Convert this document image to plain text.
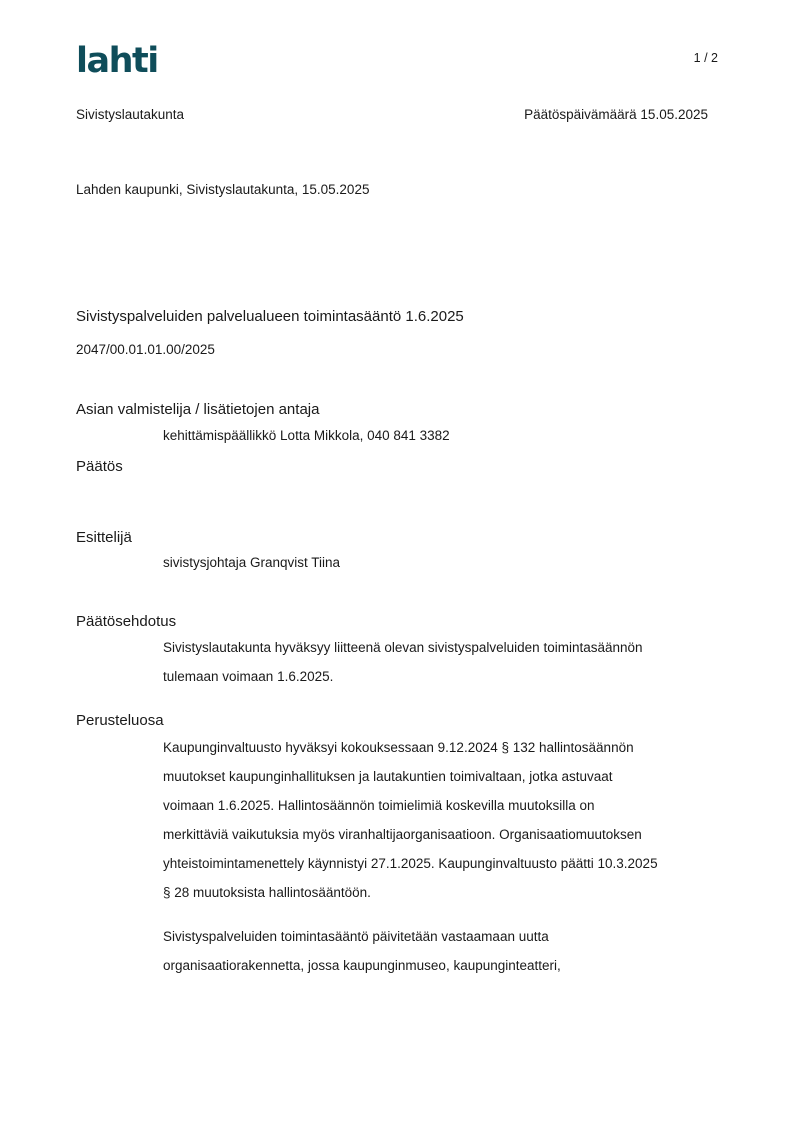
lahti	1 / 2
Sivistyslautakunta	Päätöspäivämäärä 15.05.2025
Lahden kaupunki, Sivistyslautakunta, 15.05.2025
Sivistyspalveluiden palvelualueen toimintasääntö 1.6.2025
2047/00.01.01.00/2025
Asian valmistelija / lisätietojen antaja
kehittämispäällikkö Lotta Mikkola, 040 841 3382
Päätös
Esittelijä
sivistysjohtaja Granqvist Tiina
Päätösehdotus
Sivistyslautakunta hyväksyy liitteenä olevan sivistyspalveluiden toimintasäännön
tulemaan voimaan 1.6.2025.
Perusteluosa
Kaupunginvaltuusto hyväksyi kokouksessaan 9.12.2024 § 132 hallintosäännön
muutokset kaupunginhallituksen ja lautakuntien toimivaltaan, jotka astuvaat
voimaan 1.6.2025. Hallintosäännön toimielimiä koskevilla muutoksilla on
merkittäviä vaikutuksia myös viranhaltijaorganisaatioon. Organisaatiomuutoksen
yhteistoimintamenettely käynnistyi 27.1.2025. Kaupunginvaltuusto päätti 10.3.2025
§ 28 muutoksista hallintosääntöön.
Sivistyspalveluiden toimintasääntö päivitetään vastaamaan uutta
organisaatiorakennetta, jossa kaupunginmuseo, kaupunginteatteri,
